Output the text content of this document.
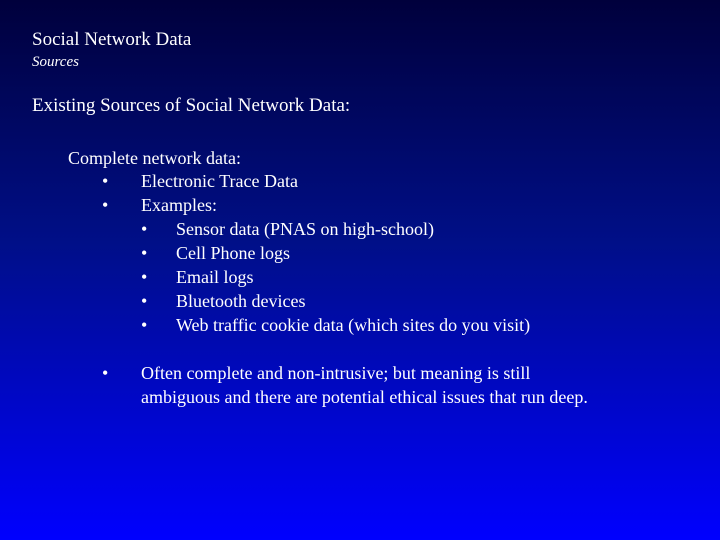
Social Network Data
Sources
Existing Sources of Social Network Data:
Complete network data:
• Electronic Trace Data
• Examples:
• Sensor data (PNAS on high-school)
• Cell Phone logs
• Email logs
• Bluetooth devices
• Web traffic cookie data (which sites do you visit)
• Often complete and non-intrusive; but meaning is still
ambiguous and there are potential ethical issues that run deep.
